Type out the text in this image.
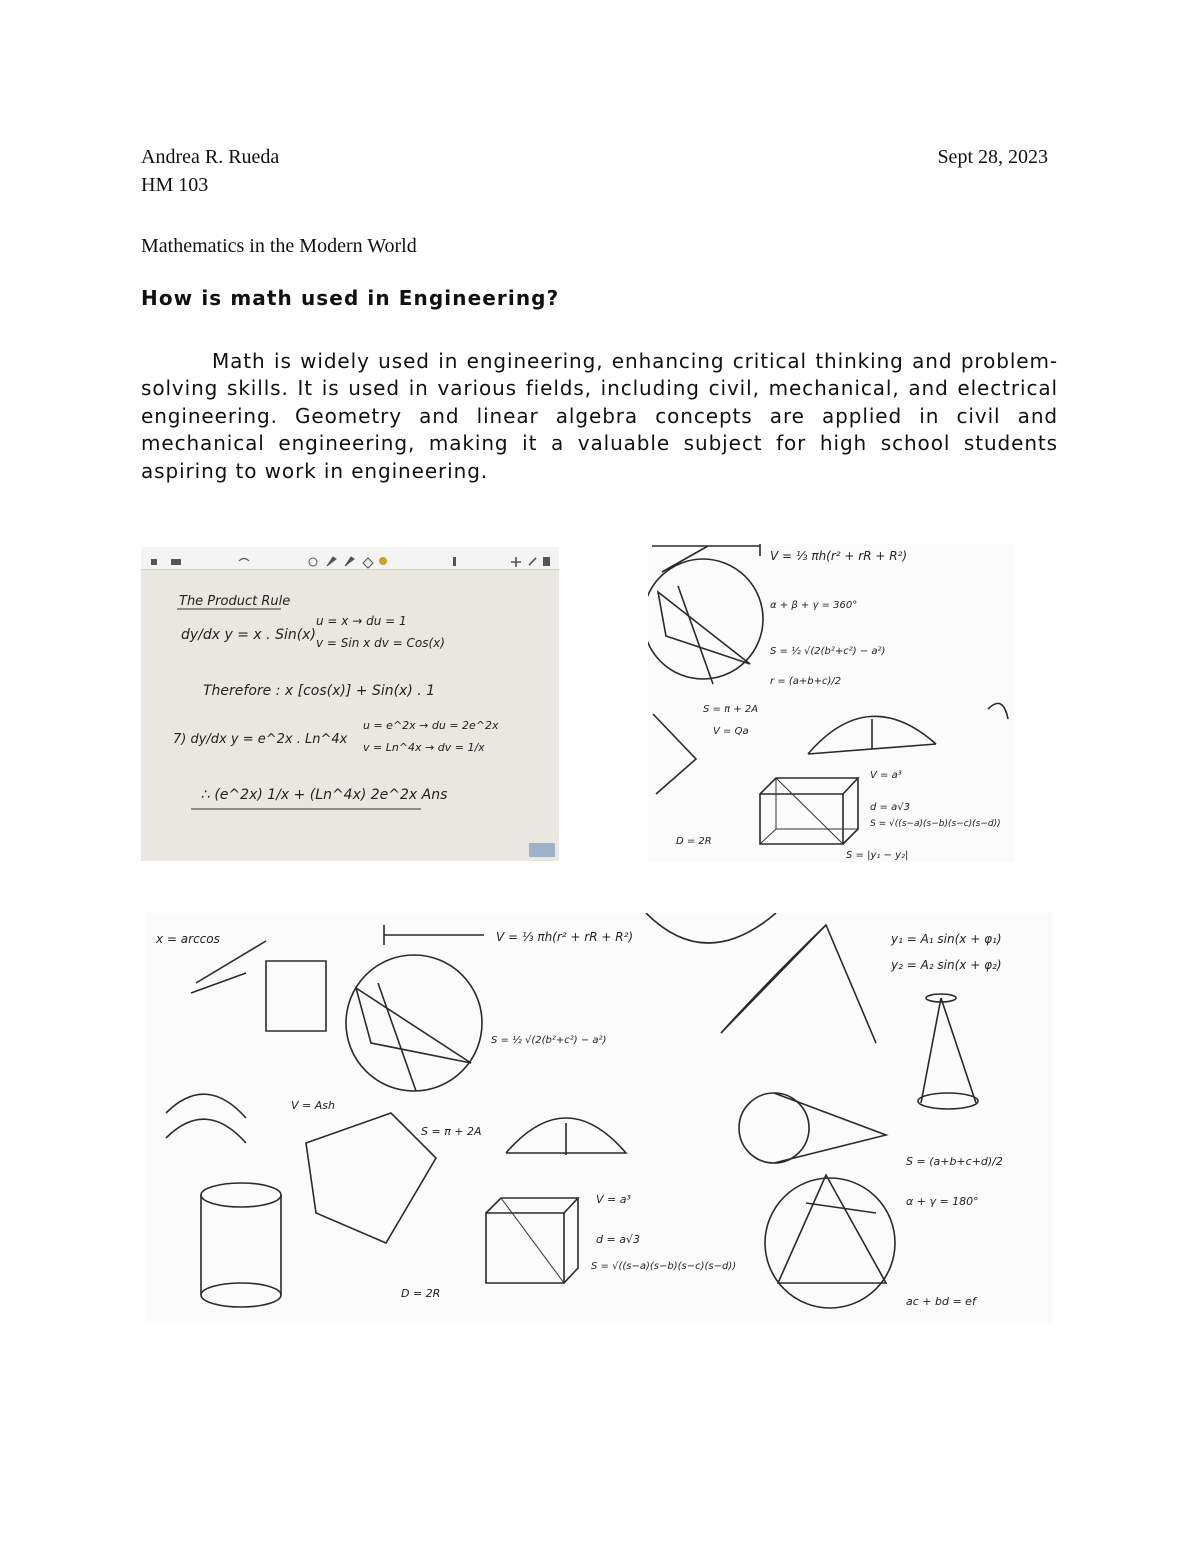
Andrea R. Rueda
HM 103
Sept 28, 2023
Mathematics in the Modern World
How is math used in Engineering?

Math is widely used in engineering, enhancing critical thinking and problem-solving skills. It is used in various fields, including civil, mechanical, and electrical engineering. Geometry and linear algebra concepts are applied in civil and mechanical engineering, making it a valuable subject for high school students aspiring to work in engineering.

The Product Rule
dy/dx y = x . Sin(x)
u = x → du = 1
v = Sin x dv = Cos(x)
Therefore : x [cos(x)] + Sin(x) . 1
7) dy/dx y = e^2x . Ln^4x
u = e^2x → du = 2e^2x
v = Ln^4x → dv = 1/x
∴ (e^2x) 1/x + (Ln^4x) 2e^2x Ans
V = ⅓ πh(r² + rR + R²)
α + β + γ = 360°
S = ½ √(2(b²+c²) − a²)
r = (a+b+c)/2
S = π + 2A
V = Qa
V = a³
d = a√3
S = √((s−a)(s−b)(s−c)(s−d))
D = 2R
S = |y₁ − y₂|
x = arccos	V = ⅓ πh(r² + rR + R²)	y₁ = A₁ sin(x + φ₁)
y₂ = A₂ sin(x + φ₂)
S = ½ √(2(b²+c²) − a²)
V = Ash
S = π + 2A
V = a³
d = a√3
S = (a+b+c+d)/2
α + γ = 180°
S = √((s−a)(s−b)(s−c)(s−d))
D = 2R
ac + bd = ef
